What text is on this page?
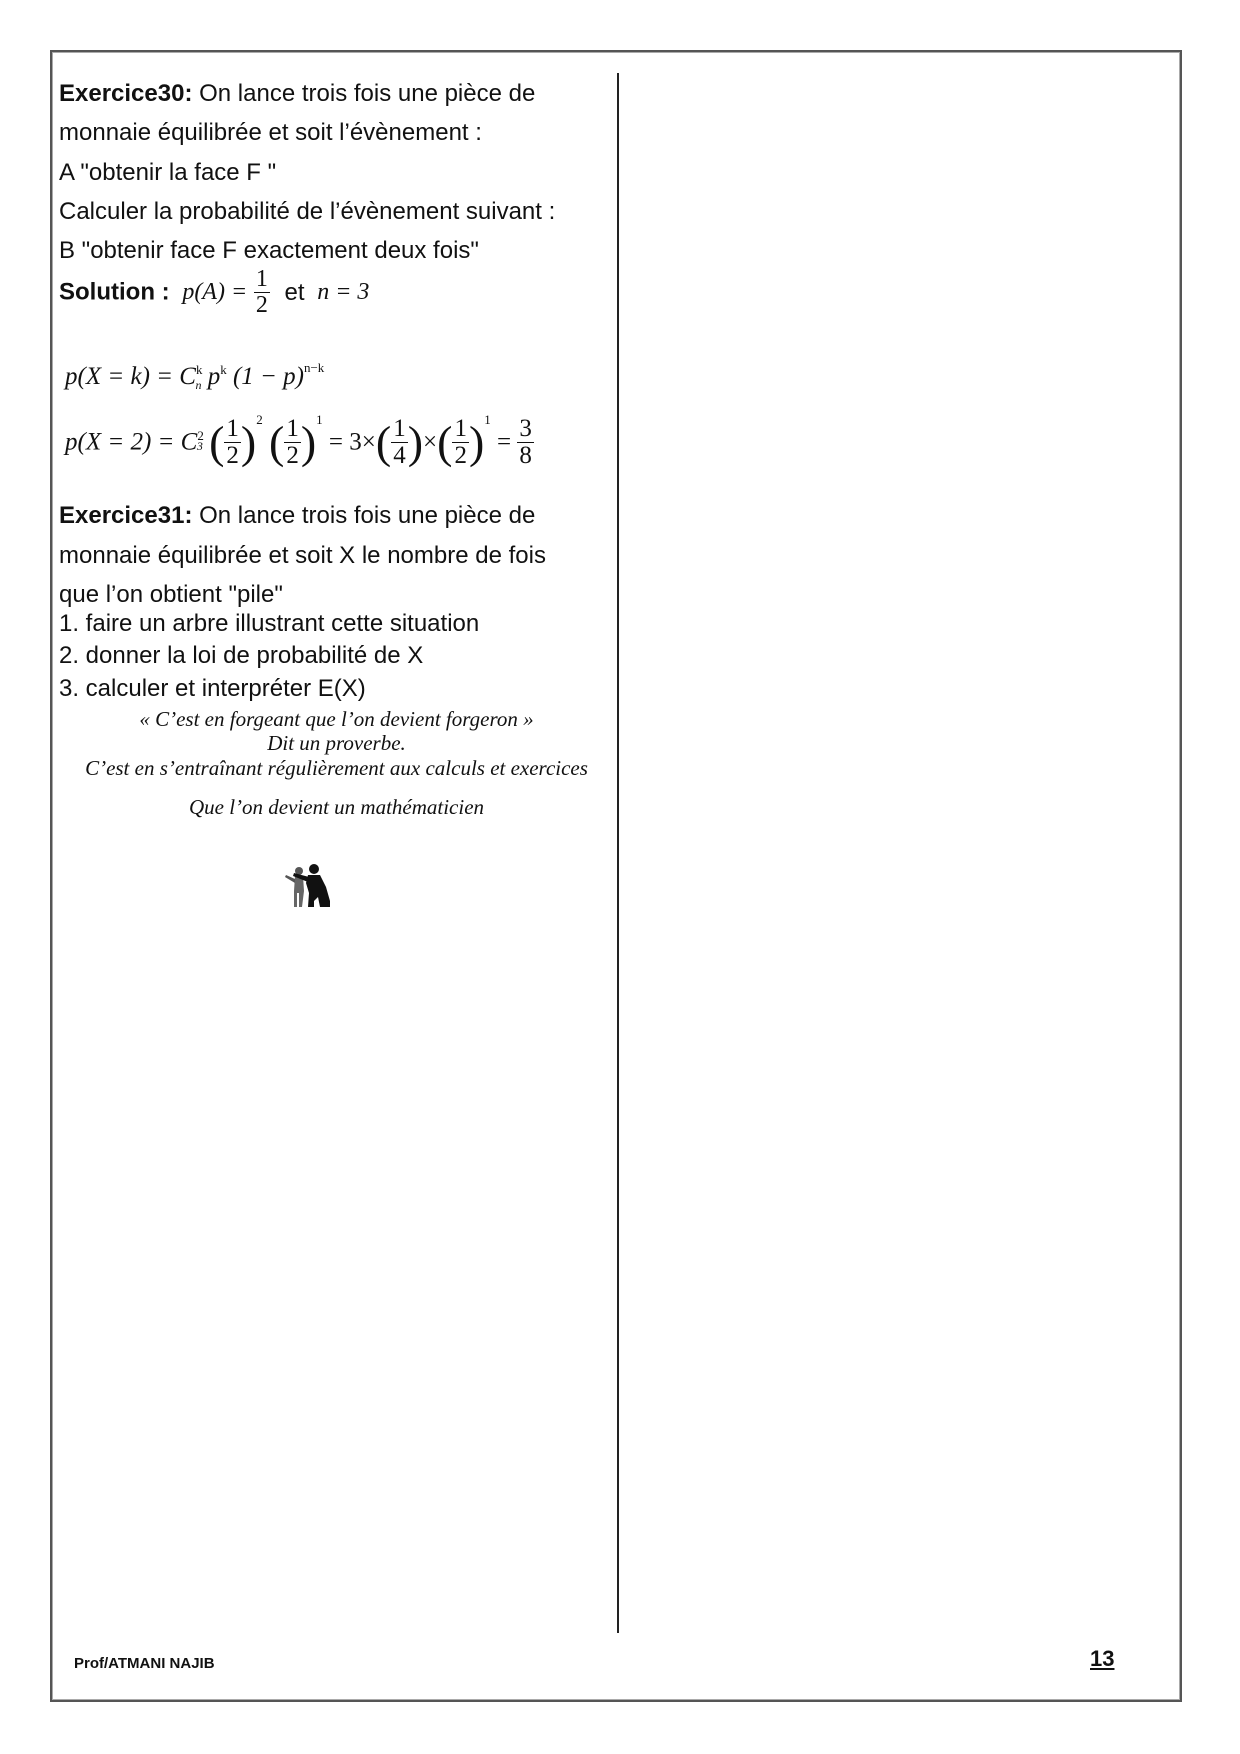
Exercice30: On lance trois fois une pièce de
monnaie équilibrée et soit l’évènement :
A "obtenir la face F "
Calculer la probabilité de l’évènement suivant :
B "obtenir face F exactement deux fois"
Solution : $p(A) = \frac{1}{2}$ et n = 3
$p(X = k) = C^k_n$ $p^k$ $(1 - p)^{n-k}$
$p(X = 2) = C^23$ ( $\frac{1}{2} )^2$ ( $\frac{1}{2} )^1 = 3\times( \frac{1}{4}$ )×( $\frac{1}{2} )^1 = \frac{3}{8}$
Exercice31: On lance trois fois une pièce de
monnaie équilibrée et soit X le nombre de fois
que l’on obtient "pile"
1. faire un arbre illustrant cette situation
2. donner la loi de probabilité de X
3. calculer et interpréter E(X)
« C’est en forgeant que l’on devient forgeron »
Dit un proverbe.
C’est en s’entraînant régulièrement aux calculs et exercices
Que l’on devient un mathématicien
Prof/ATMANI NAJIB	13
